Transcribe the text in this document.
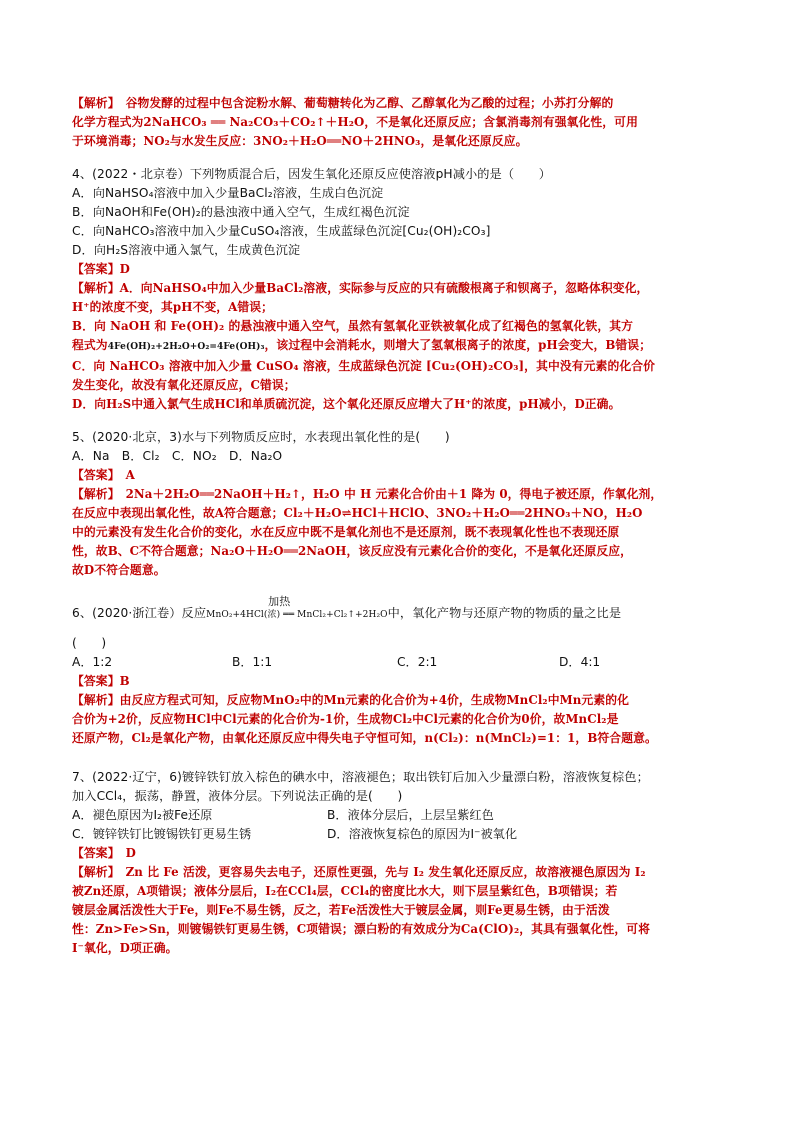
【解析】　谷物发酵的过程中包含淀粉水解、葡萄糖转化为乙醇、乙醇氧化为乙酸的过程；小苏打分解的

化学方程式为2NaHCO₃ ══ Na₂CO₃＋CO₂↑＋H₂O，不是氧化还原反应；含氯消毒剂有强氧化性，可用

于环境消毒；NO₂与水发生反应：3NO₂＋H₂O══NO＋2HNO₃，是氧化还原反应。

4、(2022・北京卷）下列物质混合后，因发生氧化还原反应使溶液pH减小的是（　　）

A．向NaHSO₄溶液中加入少量BaCl₂溶液，生成白色沉淀

B．向NaOH和Fe(OH)₂的悬浊液中通入空气，生成红褐色沉淀

C．向NaHCO₃溶液中加入少量CuSO₄溶液，生成蓝绿色沉淀[Cu₂(OH)₂CO₃]

D．向H₂S溶液中通入氯气，生成黄色沉淀

【答案】D

【解析】A．向NaHSO₄中加入少量BaCl₂溶液，实际参与反应的只有硫酸根离子和钡离子，忽略体积变化，

H⁺的浓度不变，其pH不变，A错误；

B．向 NaOH 和 Fe(OH)₂ 的悬浊液中通入空气，虽然有氢氧化亚铁被氧化成了红褐色的氢氧化铁，其方

程式为4Fe(OH)₂+2H₂O+O₂=4Fe(OH)₃，该过程中会消耗水，则增大了氢氧根离子的浓度，pH会变大，B错误；

C．向 NaHCO₃ 溶液中加入少量 CuSO₄ 溶液，生成蓝绿色沉淀 [Cu₂(OH)₂CO₃]，其中没有元素的化合价

发生变化，故没有氧化还原反应，C错误；

D．向H₂S中通入氯气生成HCl和单质硫沉淀，这个氧化还原反应增大了H⁺的浓度，pH减小，D正确。

5、(2020·北京，3)水与下列物质反应时，水表现出氧化性的是(　　)

A．Na　B．Cl₂　C．NO₂　D．Na₂O

【答案】　A

【解析】　2Na＋2H₂O══2NaOH＋H₂↑，H₂O 中 H 元素化合价由＋1 降为 0，得电子被还原，作氧化剂，

在反应中表现出氧化性，故A符合题意；Cl₂＋H₂O⇌HCl＋HClO、3NO₂＋H₂O══2HNO₃＋NO，H₂O

中的元素没有发生化合价的变化，水在反应中既不是氧化剂也不是还原剂，既不表现氧化性也不表现还原

性，故B、C不符合题意；Na₂O＋H₂O══2NaOH，该反应没有元素化合价的变化，不是氧化还原反应，

故D不符合题意。

6、(2020·浙江卷）反应
加热
MnO₂+4HCl(浓) ══ MnCl₂+Cl₂↑+2H₂O中，氧化产物与还原产物的物质的量之比是

(　　)

A．1:2	B．1:1	C．2:1	D．4:1

【答案】B

【解析】由反应方程式可知，反应物MnO₂中的Mn元素的化合价为+4价，生成物MnCl₂中Mn元素的化

合价为+2价，反应物HCl中Cl元素的化合价为-1价，生成物Cl₂中Cl元素的化合价为0价，故MnCl₂是

还原产物，Cl₂是氧化产物，由氧化还原反应中得失电子守恒可知，n(Cl₂)：n(MnCl₂)=1：1，B符合题意。

7、(2022·辽宁，6)镀锌铁钉放入棕色的碘水中，溶液褪色；取出铁钉后加入少量漂白粉，溶液恢复棕色；

加入CCl₄，振荡，静置，液体分层。下列说法正确的是(　　)

A．褪色原因为I₂被Fe还原	B．液体分层后，上层呈紫红色
C．镀锌铁钉比镀锡铁钉更易生锈	D．溶液恢复棕色的原因为I⁻被氧化

【答案】　D

【解析】　Zn 比 Fe 活泼，更容易失去电子，还原性更强，先与 I₂ 发生氧化还原反应，故溶液褪色原因为 I₂

被Zn还原，A项错误；液体分层后，I₂在CCl₄层，CCl₄的密度比水大，则下层呈紫红色，B项错误；若

镀层金属活泼性大于Fe，则Fe不易生锈，反之，若Fe活泼性大于镀层金属，则Fe更易生锈，由于活泼

性：Zn>Fe>Sn，则镀锡铁钉更易生锈，C项错误；漂白粉的有效成分为Ca(ClO)₂，其具有强氧化性，可将

I⁻氧化，D项正确。
